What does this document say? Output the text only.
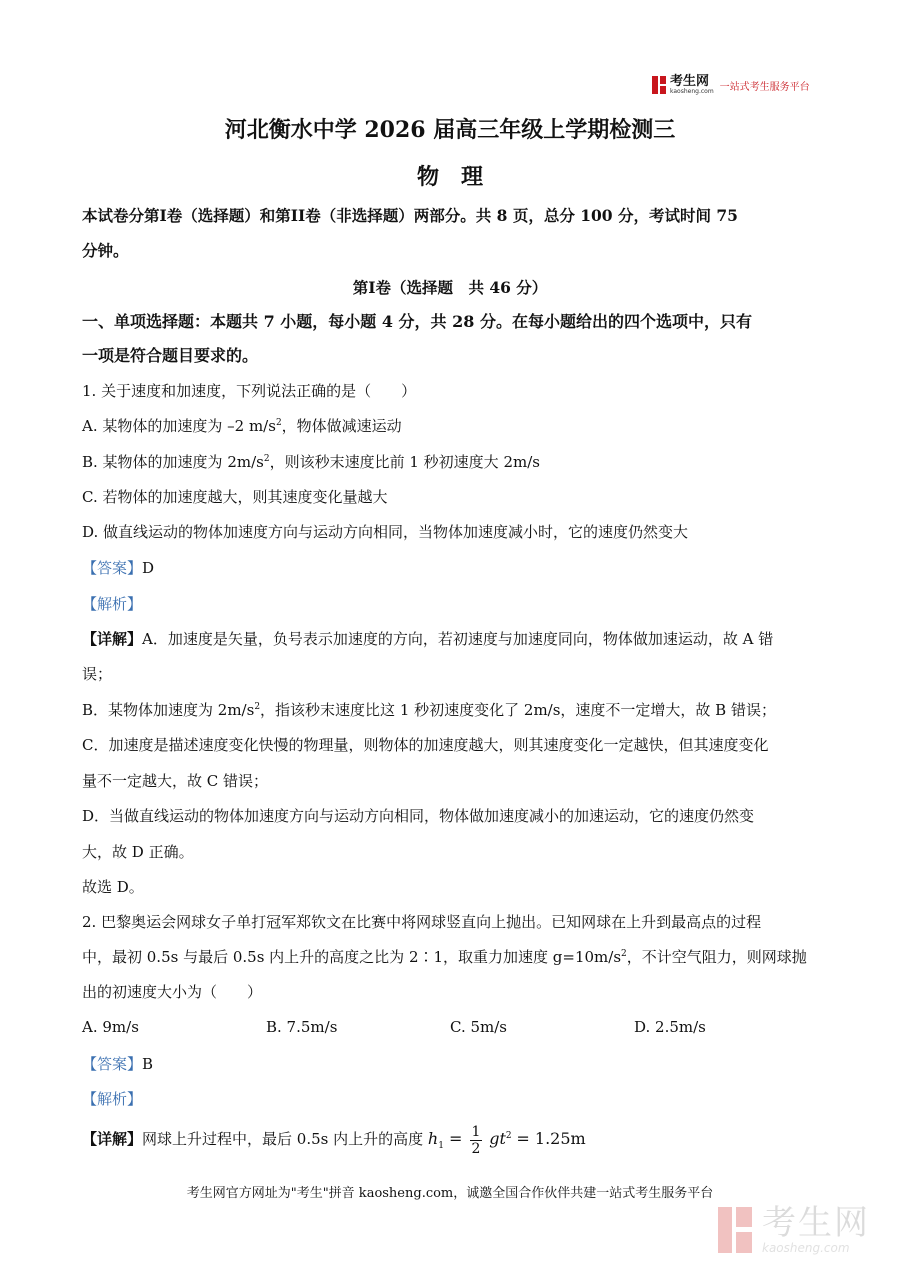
考生网
kaosheng.com 一站式考生服务平台
河北衡水中学 2026 届高三年级上学期检测三
物　理
本试卷分第I卷（选择题）和第II卷（非选择题）两部分。共 8 页，总分 100 分，考试时间 75
分钟。
第I卷（选择题　共 46 分）
一、单项选择题：本题共 7 小题，每小题 4 分，共 28 分。在每小题给出的四个选项中，只有
一项是符合题目要求的。
1. 关于速度和加速度，下列说法正确的是（　　）
A. 某物体的加速度为 –2 $m/s^2$，物体做减速运动
B. 某物体的加速度为 $2m/s^2$，则该秒末速度比前 1 秒初速度大 2m/s
C. 若物体的加速度越大，则其速度变化量越大
D. 做直线运动的物体加速度方向与运动方向相同，当物体加速度减小时，它的速度仍然变大
【答案】D
【解析】
【详解】A．加速度是矢量，负号表示加速度的方向，若初速度与加速度同向，物体做加速运动，故 A 错
误；
B．某物体加速度为 $2m/s^2$，指该秒末速度比这 1 秒初速度变化了 2m/s，速度不一定增大，故 B 错误；
C．加速度是描述速度变化快慢的物理量，则物体的加速度越大，则其速度变化一定越快，但其速度变化
量不一定越大，故 C 错误；
D．当做直线运动的物体加速度方向与运动方向相同，物体做加速度减小的加速运动，它的速度仍然变
大，故 D 正确。
故选 D。
2. 巴黎奥运会网球女子单打冠军郑钦文在比赛中将网球竖直向上抛出。已知网球在上升到最高点的过程
中，最初 0.5s 与最后 0.5s 内上升的高度之比为 2∶1，取重力加速度 $g=10m/s^2$，不计空气阻力，则网球抛
出的初速度大小为（　　）
A. 9m/s	B. 7.5m/s	C. 5m/s	D. 2.5m/s
【答案】B
【解析】
【详解】网球上升过程中，最后 0.5s 内上升的高度 $h_1 = \frac{1}{2} gt^2 = 1.25m$
考生网官方网址为"考生"拼音 kaosheng.com，诚邀全国合作伙伴共建一站式考生服务平台
考生网
kaosheng.com
